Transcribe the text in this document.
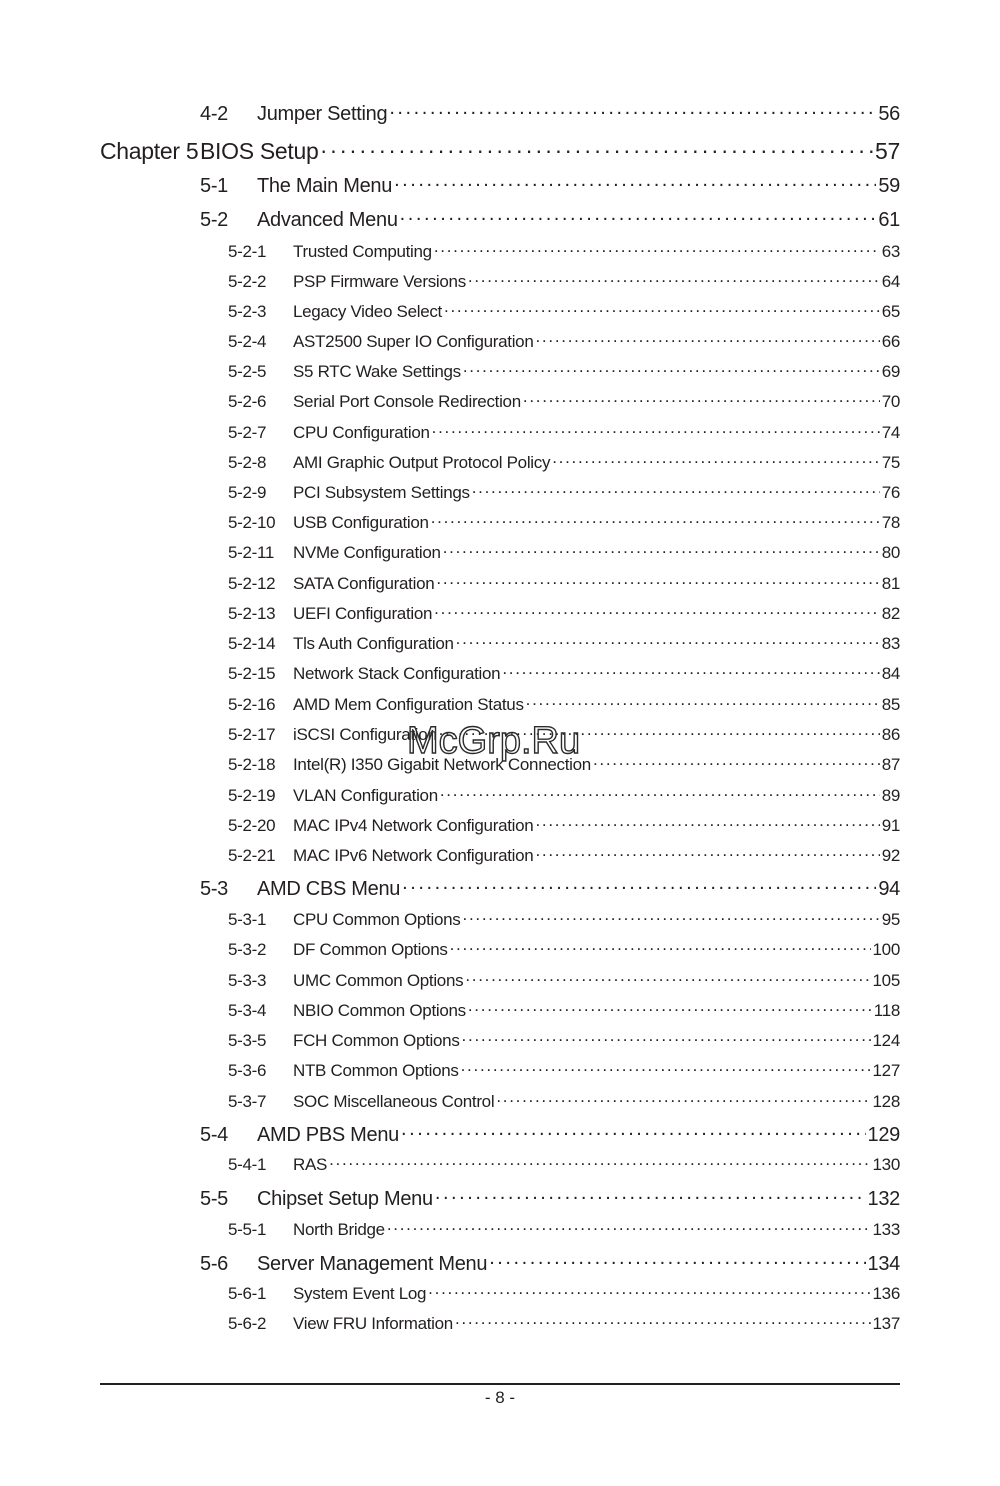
4-2	Jumper Setting . . .	56
Chapter 5 BIOS Setup . . .	57
5-1	The Main Menu . . .	59
5-2	Advanced Menu . . .	61
5-2-1	Trusted Computing . . .	63
5-2-2	PSP Firmware Versions . . .	64
5-2-3	Legacy Video Select . . .	65
5-2-4	AST2500 Super IO Configuration . . .	66
5-2-5	S5 RTC Wake Settings . . .	69
5-2-6	Serial Port Console Redirection . . .	70
5-2-7	CPU Configuration . . .	74
5-2-8	AMI Graphic Output Protocol Policy . . .	75
5-2-9	PCI Subsystem Settings . . .	76
5-2-10	USB Configuration . . .	78
5-2-11	NVMe Configuration . . .	80
5-2-12	SATA Configuration . . .	81
5-2-13	UEFI Configuration . . .	82
5-2-14	Tls Auth Configuration . . .	83
5-2-15	Network Stack Configuration . . .	84
5-2-16	AMD Mem Configuration Status . . .	85
5-2-17	iSCSI Configuration . . .	86
5-2-18	Intel(R) I350 Gigabit Network Connection . . .	87
5-2-19	VLAN Configuration . . .	89
5-2-20	MAC IPv4 Network Configuration . . .	91
5-2-21	MAC IPv6 Network Configuration . . .	92
5-3	AMD CBS Menu . . .	94
5-3-1	CPU Common Options . . .	95
5-3-2	DF Common Options . . .	100
5-3-3	UMC Common Options . . .	105
5-3-4	NBIO Common Options . . .	118
5-3-5	FCH Common Options . . .	124
5-3-6	NTB Common Options . . .	127
5-3-7	SOC Miscellaneous Control . . .	128
5-4	AMD PBS Menu . . .	129
5-4-1	RAS . . .	130
5-5	Chipset Setup Menu . . .	132
5-5-1	North Bridge . . .	133
5-6	Server Management Menu . . .	134
5-6-1	System Event Log . . .	136
5-6-2	View FRU Information . . .	137
McGrp.Ru
- 8 -
